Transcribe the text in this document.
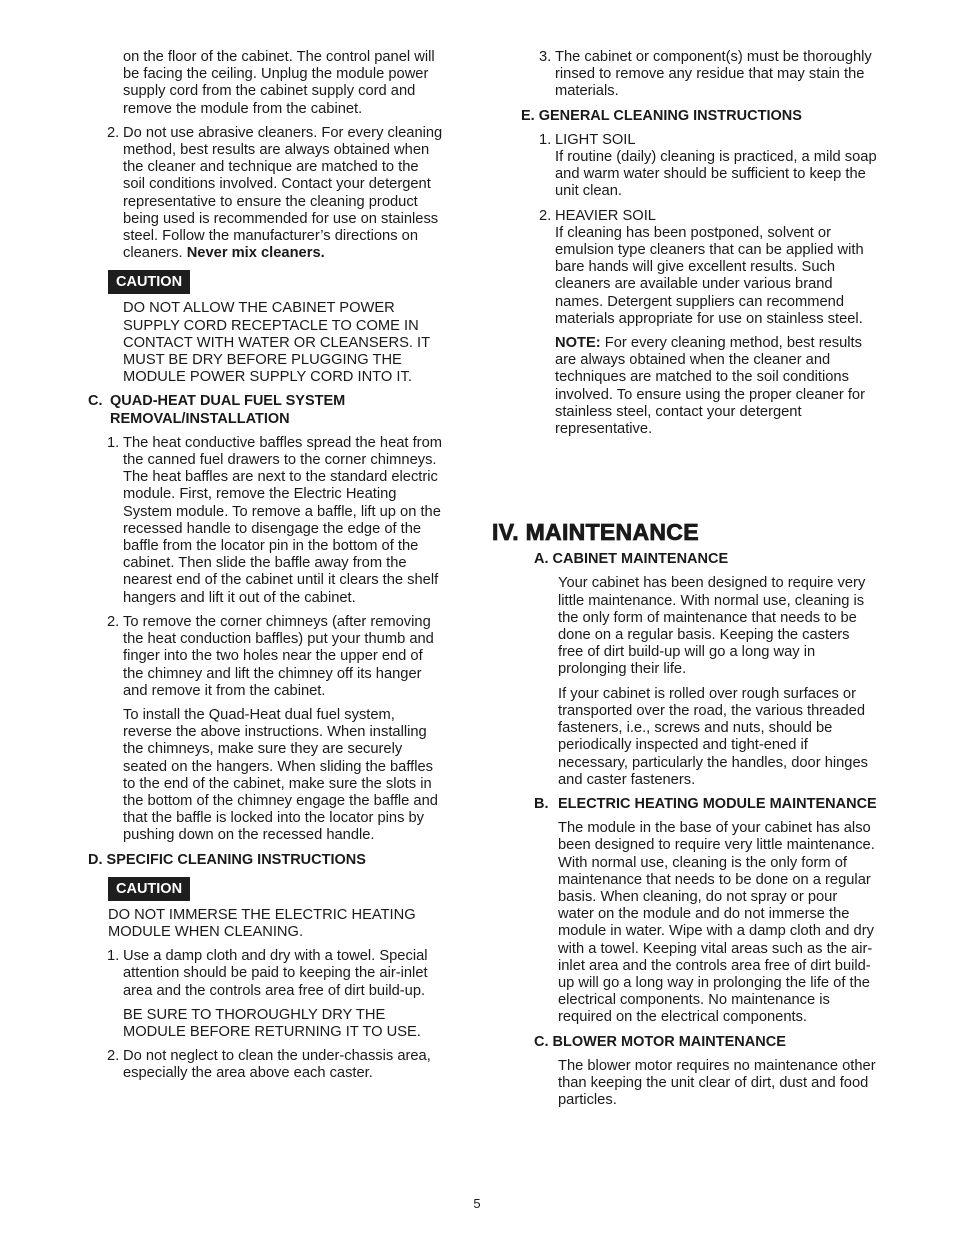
on the floor of the cabinet. The control panel will be facing the ceiling. Unplug the module power supply cord from the cabinet supply cord and remove the module from the cabinet.

2. Do not use abrasive cleaners. For every cleaning method, best results are always obtained when the cleaner and technique are matched to the soil conditions involved. Contact your detergent representative to ensure the cleaning product being used is recommended for use on stainless steel. Follow the manufacturer’s directions on cleaners. Never mix cleaners.
CAUTION

DO NOT ALLOW THE CABINET POWER SUPPLY CORD RECEPTACLE TO COME IN CONTACT WITH WATER OR CLEANSERS. IT MUST BE DRY BEFORE PLUGGING THE MODULE POWER SUPPLY CORD INTO IT.

C. QUAD-HEAT DUAL FUEL SYSTEM REMOVAL/INSTALLATION
1. The heat conductive baffles spread the heat from the canned fuel drawers to the corner chimneys. The heat baffles are next to the standard electric module. First, remove the Electric Heating System module. To remove a baffle, lift up on the recessed handle to disengage the edge of the baffle from the locator pin in the bottom of the cabinet. Then slide the baffle away from the nearest end of the cabinet until it clears the shelf hangers and lift it out of the cabinet.
2. To remove the corner chimneys (after removing the heat conduction baffles) put your thumb and finger into the two holes near the upper end of the chimney and lift the chimney off its hanger and remove it from the cabinet.

To install the Quad-Heat dual fuel system, reverse the above instructions. When installing the chimneys, make sure they are securely seated on the hangers. When sliding the baffles to the end of the cabinet, make sure the slots in the bottom of the chimney engage the baffle and that the baffle is locked into the locator pins by pushing down on the recessed handle.

D. SPECIFIC CLEANING INSTRUCTIONS
CAUTION

DO NOT IMMERSE THE ELECTRIC HEATING MODULE WHEN CLEANING.

1. Use a damp cloth and dry with a towel. Special attention should be paid to keeping the air-inlet area and the controls area free of dirt build-up.

BE SURE TO THOROUGHLY DRY THE MODULE BEFORE RETURNING IT TO USE.

2. Do not neglect to clean the under-chassis area, especially the area above each caster.
3. The cabinet or component(s) must be thoroughly rinsed to remove any residue that may stain the materials.
E. GENERAL CLEANING INSTRUCTIONS
1. LIGHT SOIL
If routine (daily) cleaning is practiced, a mild soap and warm water should be sufficient to keep the unit clean.
2. HEAVIER SOIL
If cleaning has been postponed, solvent or emulsion type cleaners that can be applied with bare hands will give excellent results. Such cleaners are available under various brand names. Detergent suppliers can recommend materials appropriate for use on stainless steel.

NOTE: For every cleaning method, best results are always obtained when the cleaner and techniques are matched to the soil conditions involved. To ensure using the proper cleaner for stainless steel, contact your detergent representative.

IV. MAINTENANCE
A. CABINET MAINTENANCE

Your cabinet has been designed to require very little maintenance. With normal use, cleaning is the only form of maintenance that needs to be done on a regular basis. Keeping the casters free of dirt build-up will go a long way in prolonging their life.

If your cabinet is rolled over rough surfaces or transported over the road, the various threaded fasteners, i.e., screws and nuts, should be periodically inspected and tight-ened if necessary, particularly the handles, door hinges and caster fasteners.

B. ELECTRIC HEATING MODULE MAINTENANCE

The module in the base of your cabinet has also been designed to require very little maintenance. With normal use, cleaning is the only form of maintenance that needs to be done on a regular basis. When cleaning, do not spray or pour water on the module and do not immerse the module in water. Wipe with a damp cloth and dry with a towel. Keeping vital areas such as the air-inlet area and the controls area free of dirt build-up will go a long way in prolonging the life of the electrical components. No maintenance is required on the electrical components.

C. BLOWER MOTOR MAINTENANCE

The blower motor requires no maintenance other than keeping the unit clear of dirt, dust and food particles.

5
